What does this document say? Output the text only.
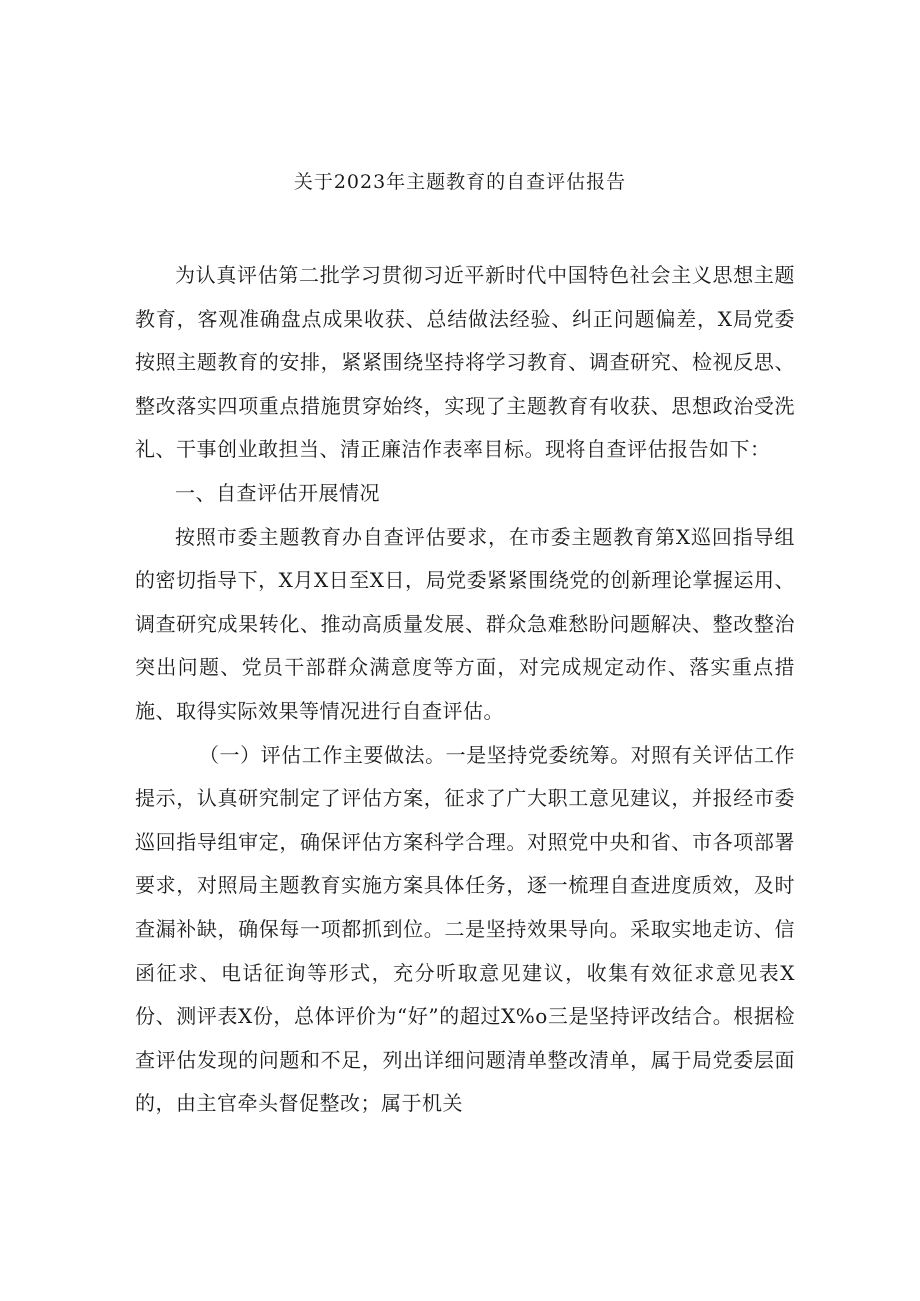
关于2023年主题教育的自查评估报告

为认真评估第二批学习贯彻习近平新时代中国特色社会主义思想主题教育，客观准确盘点成果收获、总结做法经验、纠正问题偏差，X局党委按照主题教育的安排，紧紧围绕坚持将学习教育、调查研究、检视反思、整改落实四项重点措施贯穿始终，实现了主题教育有收获、思想政治受洗礼、干事创业敢担当、清正廉洁作表率目标。现将自查评估报告如下：

一、自查评估开展情况

按照市委主题教育办自查评估要求，在市委主题教育第X巡回指导组的密切指导下，X月X日至X日，局党委紧紧围绕党的创新理论掌握运用、调查研究成果转化、推动高质量发展、群众急难愁盼问题解决、整改整治突出问题、党员干部群众满意度等方面，对完成规定动作、落实重点措施、取得实际效果等情况进行自查评估。

（一）评估工作主要做法。一是坚持党委统筹。对照有关评估工作提示，认真研究制定了评估方案，征求了广大职工意见建议，并报经市委巡回指导组审定，确保评估方案科学合理。对照党中央和省、市各项部署要求，对照局主题教育实施方案具体任务，逐一梳理自查进度质效，及时查漏补缺，确保每一项都抓到位。二是坚持效果导向。采取实地走访、信函征求、电话征询等形式，充分听取意见建议，收集有效征求意见表X份、测评表X份，总体评价为“好”的超过X%o三是坚持评改结合。根据检查评估发现的问题和不足，列出详细问题清单整改清单，属于局党委层面的，由主官牵头督促整改；属于机关
